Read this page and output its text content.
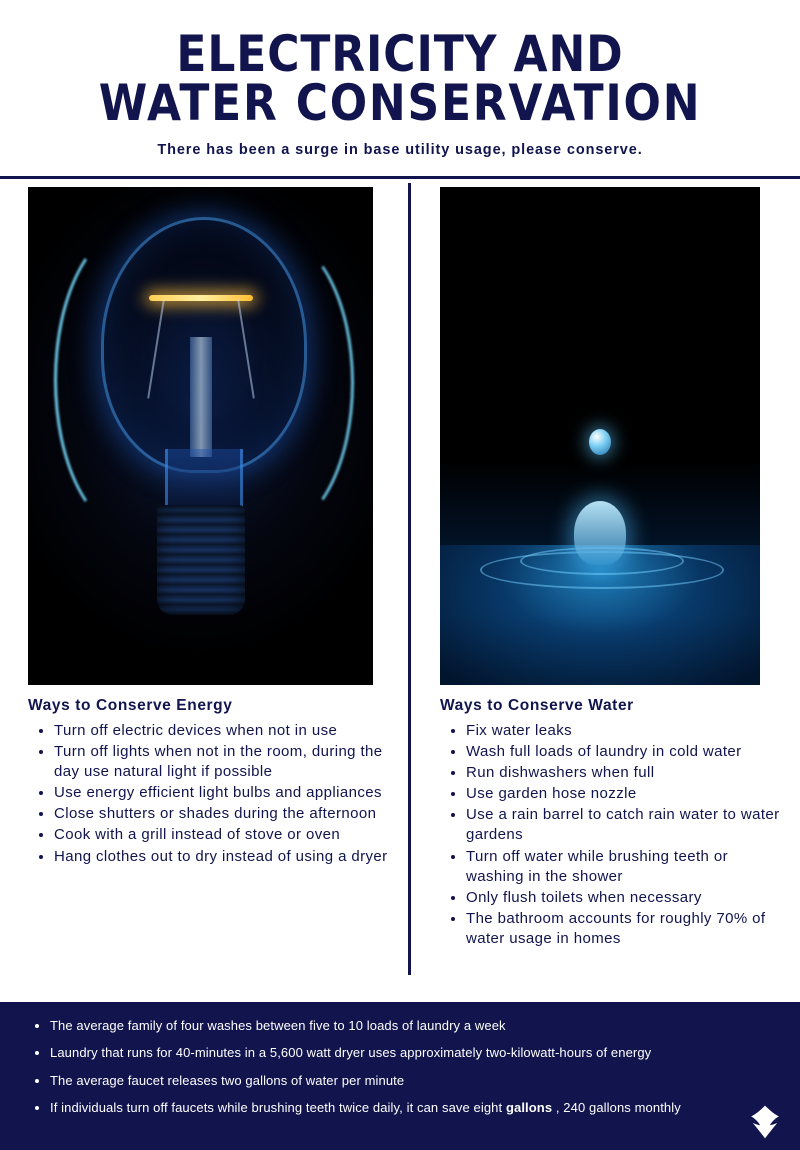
ELECTRICITY AND
WATER CONSERVATION
There has been a surge in base utility usage, please conserve.
Ways to Conserve Energy
• Turn off electric devices when not in use
• Turn off lights when not in the room, during the day use natural light if possible
• Use energy efficient light bulbs and appliances
• Close shutters or shades during the afternoon
• Cook with a grill instead of stove or oven
• Hang clothes out to dry instead of using a dryer
Ways to Conserve Water
• Fix water leaks
• Wash full loads of laundry in cold water
• Run dishwashers when full
• Use garden hose nozzle
• Use a rain barrel to catch rain water to water gardens
• Turn off water while brushing teeth or washing in the shower
• Only flush toilets when necessary
• The bathroom accounts for roughly 70% of water usage in homes
• The average family of four washes between five to 10 loads of laundry a week
• Laundry that runs for 40-minutes in a 5,600 watt dryer uses approximately two-kilowatt-hours of energy
• The average faucet releases two gallons of water per minute
• If individuals turn off faucets while brushing teeth twice daily, it can save eight gallons , 240 gallons monthly
